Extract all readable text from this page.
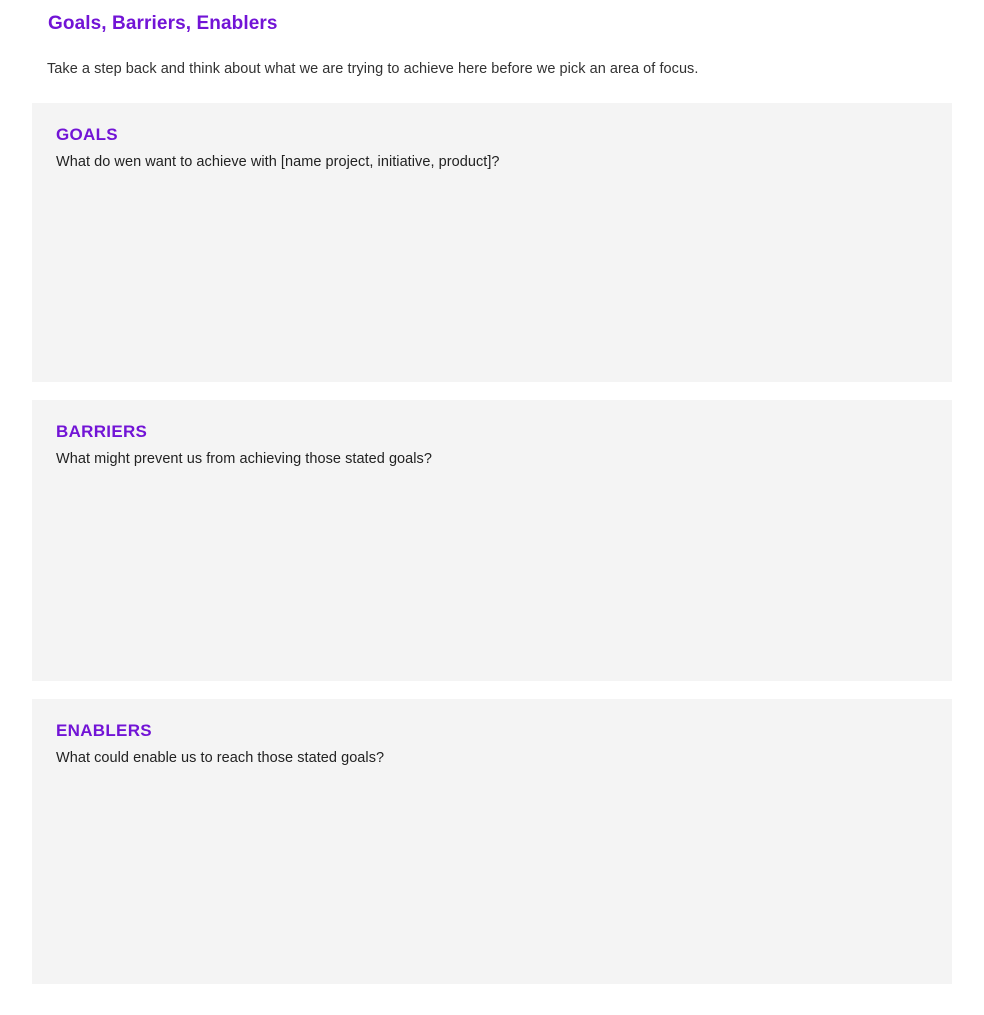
Goals, Barriers, Enablers
Take a step back and think about what we are trying to achieve here before we pick an area of focus.
GOALS
What do wen want to achieve with [name project, initiative, product]?
BARRIERS
What might prevent us from achieving those stated goals?
ENABLERS
What could enable us to reach those stated goals?
